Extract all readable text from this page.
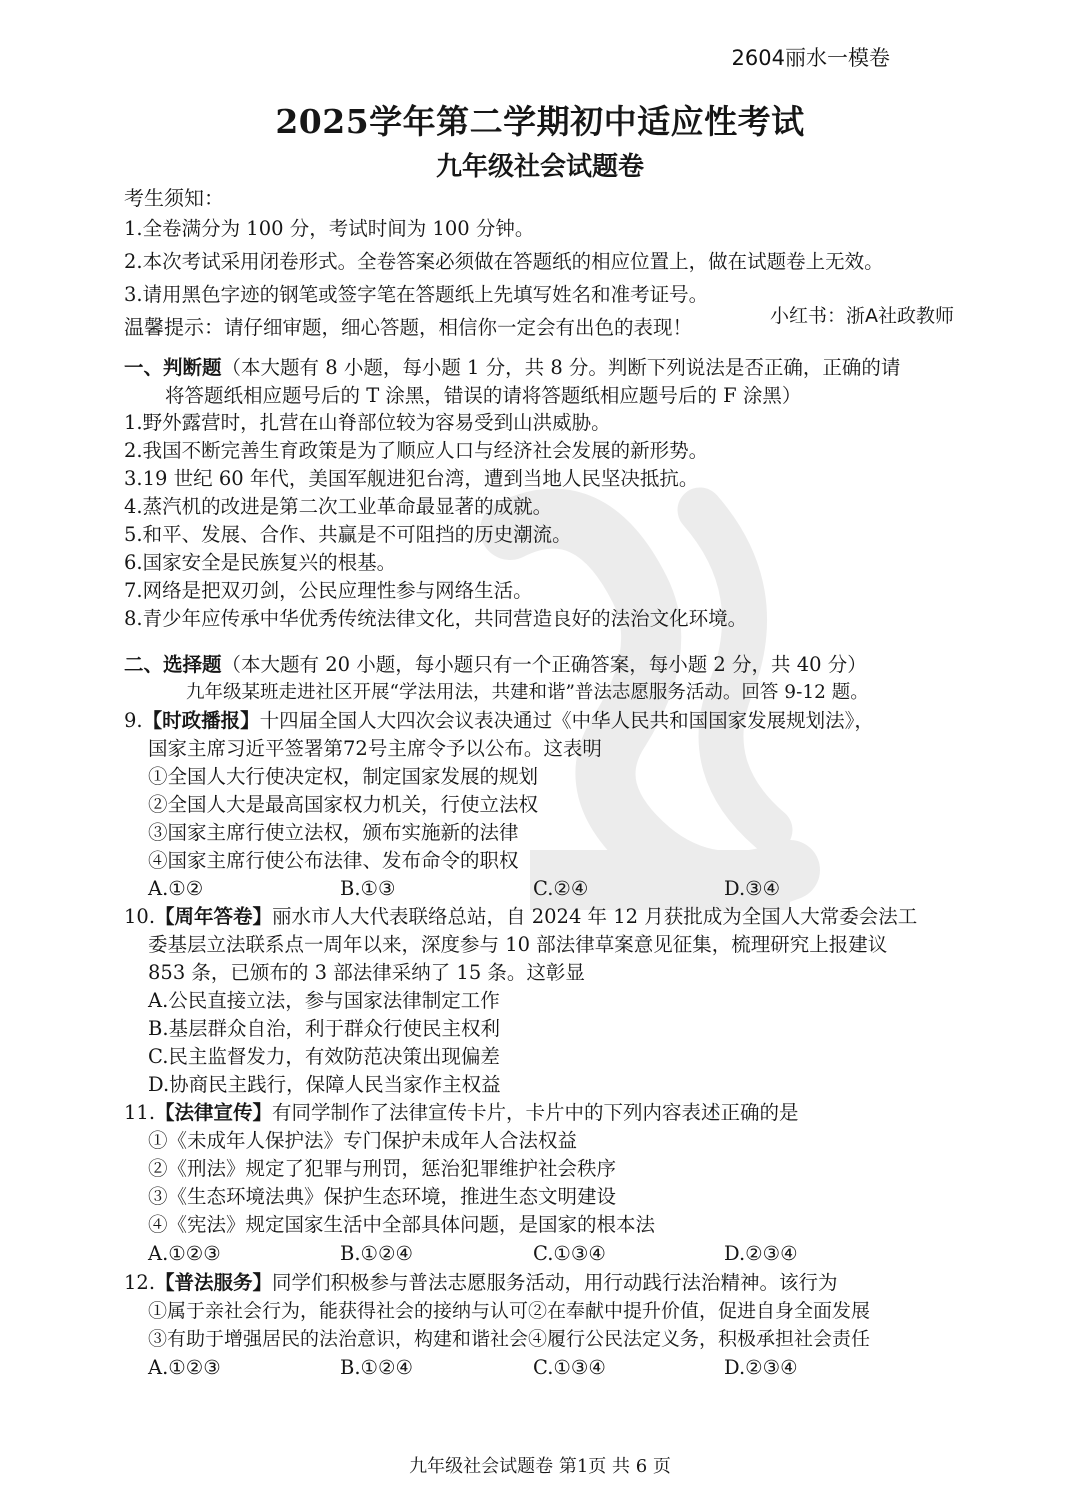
2604丽水一模卷
2025学年第二学期初中适应性考试
九年级社会试题卷
考生须知：
1.全卷满分为 100 分，考试时间为 100 分钟。
2.本次考试采用闭卷形式。全卷答案必须做在答题纸的相应位置上，做在试题卷上无效。
3.请用黑色字迹的钢笔或签字笔在答题纸上先填写姓名和准考证号。
温馨提示：请仔细审题，细心答题，相信你一定会有出色的表现！	小红书：浙A社政教师
一、判断题（本大题有 8 小题，每小题 1 分，共 8 分。判断下列说法是否正确，正确的请
将答题纸相应题号后的 T 涂黑，错误的请将答题纸相应题号后的 F 涂黑）
1.野外露营时，扎营在山脊部位较为容易受到山洪威胁。
2.我国不断完善生育政策是为了顺应人口与经济社会发展的新形势。
3.19 世纪 60 年代，美国军舰进犯台湾，遭到当地人民坚决抵抗。
4.蒸汽机的改进是第二次工业革命最显著的成就。
5.和平、发展、合作、共赢是不可阻挡的历史潮流。
6.国家安全是民族复兴的根基。
7.网络是把双刃剑，公民应理性参与网络生活。
8.青少年应传承中华优秀传统法律文化，共同营造良好的法治文化环境。
二、选择题（本大题有 20 小题，每小题只有一个正确答案，每小题 2 分，共 40 分）
九年级某班走进社区开展“学法用法，共建和谐”普法志愿服务活动。回答 9-12 题。
9.【时政播报】十四届全国人大四次会议表决通过《中华人民共和国国家发展规划法》，
国家主席习近平签署第72号主席令予以公布。这表明
①全国人大行使决定权，制定国家发展的规划
②全国人大是最高国家权力机关，行使立法权
③国家主席行使立法权，颁布实施新的法律
④国家主席行使公布法律、发布命令的职权
A.①②	B.①③	C.②④	D.③④
10.【周年答卷】丽水市人大代表联络总站，自 2024 年 12 月获批成为全国人大常委会法工
委基层立法联系点一周年以来，深度参与 10 部法律草案意见征集，梳理研究上报建议
853 条，已颁布的 3 部法律采纳了 15 条。这彰显
A.公民直接立法，参与国家法律制定工作
B.基层群众自治，利于群众行使民主权利
C.民主监督发力，有效防范决策出现偏差
D.协商民主践行，保障人民当家作主权益
11.【法律宣传】有同学制作了法律宣传卡片，卡片中的下列内容表述正确的是
①《未成年人保护法》专门保护未成年人合法权益
②《刑法》规定了犯罪与刑罚，惩治犯罪维护社会秩序
③《生态环境法典》保护生态环境，推进生态文明建设
④《宪法》规定国家生活中全部具体问题，是国家的根本法
A.①②③	B.①②④	C.①③④	D.②③④
12.【普法服务】同学们积极参与普法志愿服务活动，用行动践行法治精神。该行为
①属于亲社会行为，能获得社会的接纳与认可②在奉献中提升价值，促进自身全面发展
③有助于增强居民的法治意识，构建和谐社会④履行公民法定义务，积极承担社会责任
A.①②③	B.①②④	C.①③④	D.②③④
九年级社会试题卷 第1页 共 6 页
